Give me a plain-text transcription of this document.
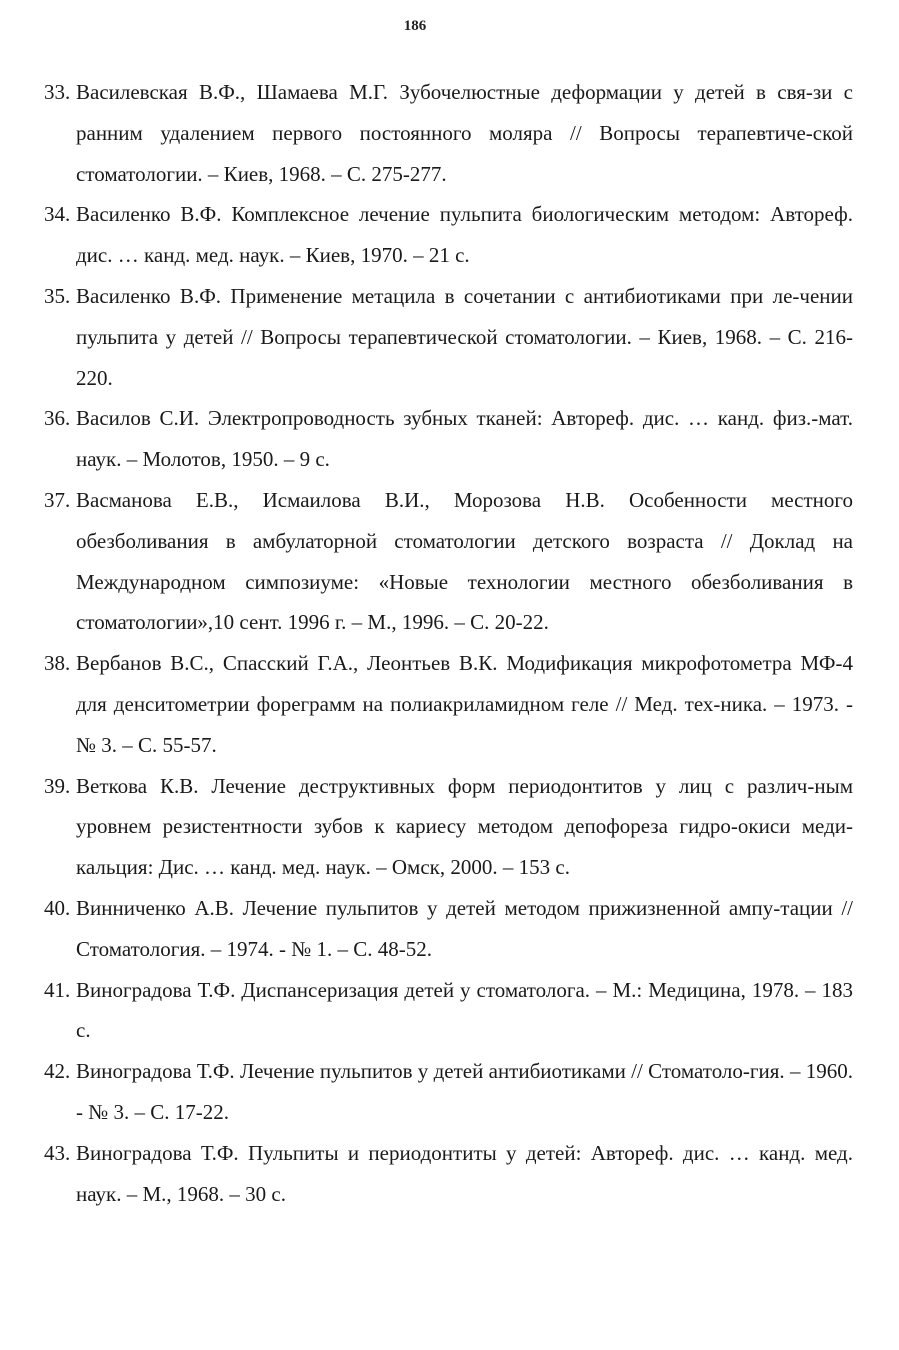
186
33. Василевская В.Ф., Шамаева М.Г. Зубочелюстные деформации у детей в свя-зи с ранним удалением первого постоянного моляра // Вопросы терапевтиче-ской стоматологии. – Киев, 1968. – С. 275-277.
34. Василенко В.Ф. Комплексное лечение пульпита биологическим методом: Автореф. дис. … канд. мед. наук. – Киев, 1970. – 21 с.
35. Василенко В.Ф. Применение метацила в сочетании с антибиотиками при ле-чении пульпита у детей // Вопросы терапевтической стоматологии. – Киев, 1968. – С. 216-220.
36. Василов С.И. Электропроводность зубных тканей: Автореф. дис. … канд. физ.-мат. наук. – Молотов, 1950. – 9 с.
37. Васманова Е.В., Исмаилова В.И., Морозова Н.В. Особенности местного обезболивания в амбулаторной стоматологии детского возраста // Доклад на Международном симпозиуме: «Новые технологии местного обезболивания в стоматологии»,10 сент. 1996 г. – М., 1996. – С. 20-22.
38. Вербанов В.С., Спасский Г.А., Леонтьев В.К. Модификация микрофотометра МФ-4 для денситометрии фореграмм на полиакриламидном геле // Мед. тех-ника. – 1973. - № 3. – С. 55-57.
39. Веткова К.В. Лечение деструктивных форм периодонтитов у лиц с различ-ным уровнем резистентности зубов к кариесу методом депофореза гидро-окиси меди-кальция: Дис. … канд. мед. наук. – Омск, 2000. – 153 с.
40. Винниченко А.В. Лечение пульпитов у детей методом прижизненной ампу-тации // Стоматология. – 1974. - № 1. – С. 48-52.
41. Виноградова Т.Ф. Диспансеризация детей у стоматолога. – М.: Медицина, 1978. – 183 с.
42. Виноградова Т.Ф. Лечение пульпитов у детей антибиотиками // Стоматоло-гия. – 1960. - № 3. – С. 17-22.
43. Виноградова Т.Ф. Пульпиты и периодонтиты у детей: Автореф. дис. … канд. мед. наук. – М., 1968. – 30 с.
